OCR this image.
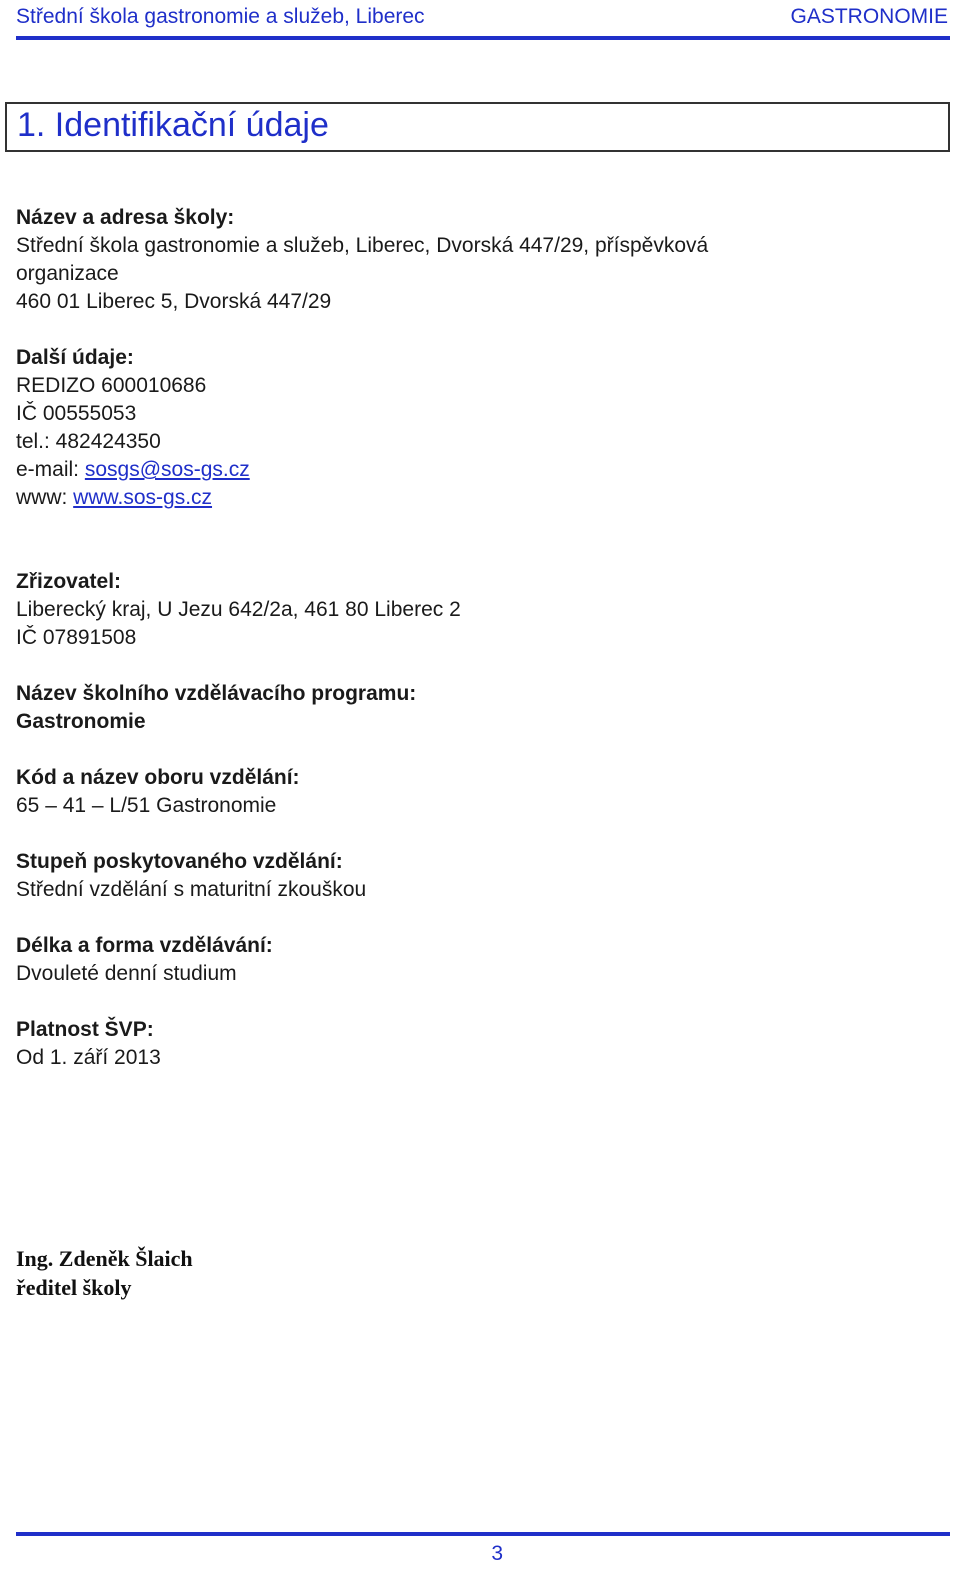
Střední škola gastronomie a služeb, Liberec	GASTRONOMIE
1. Identifikační údaje
Název a adresa školy:
Střední škola gastronomie a služeb, Liberec, Dvorská 447/29, příspěvková
organizace
460 01 Liberec 5, Dvorská 447/29
Další údaje:
REDIZO 600010686
IČ 00555053
tel.: 482424350
e-mail: sosgs@sos-gs.cz
www: www.sos-gs.cz
Zřizovatel:
Liberecký kraj, U Jezu 642/2a, 461 80 Liberec 2
IČ 07891508
Název školního vzdělávacího programu:
Gastronomie
Kód a název oboru vzdělání:
65 – 41 – L/51 Gastronomie
Stupeň poskytovaného vzdělání:
Střední vzdělání s maturitní zkouškou
Délka a forma vzdělávání:
Dvouleté denní studium
Platnost ŠVP:
Od 1. září 2013
Ing. Zdeněk Šlaich
ředitel školy
3
